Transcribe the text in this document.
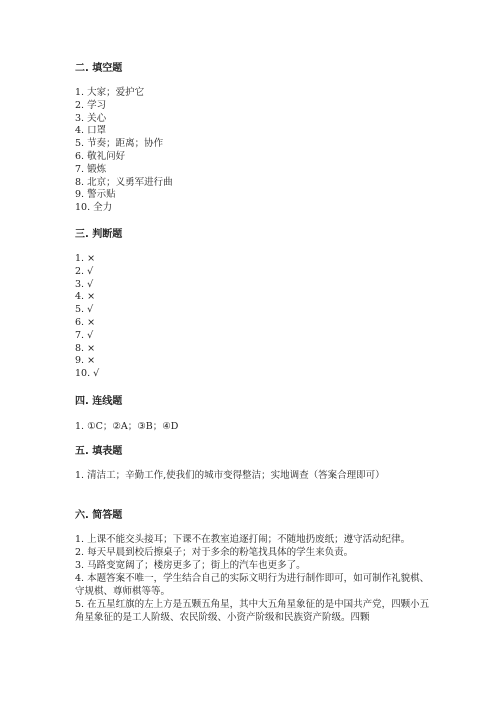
二. 填空题
1. 大家；爱护它
2. 学习
3. 关心
4. 口罩
5. 节奏；距离；协作
6. 敬礼问好
7. 锻炼
8. 北京；义勇军进行曲
9. 警示贴
10. 全力
三. 判断题
1. ×
2. √
3. √
4. ×
5. √
6. ×
7. √
8. ×
9. ×
10. √
四. 连线题
1. ①C；②A；③B；④D
五. 填表题
1. 清洁工；辛勤工作,使我们的城市变得整洁；实地调查（答案合理即可）
六. 简答题
1. 上课不能交头接耳；下课不在教室追逐打闹；不随地扔废纸；遵守活动纪律。
2. 每天早晨到校后擦桌子；对于多余的粉笔找具体的学生来负责。
3. 马路变宽阔了；楼房更多了；街上的汽车也更多了。
4. 本题答案不唯一，学生结合自己的实际文明行为进行制作即可，如可制作礼貌棋、守规棋、尊师棋等等。
5. 在五星红旗的左上方是五颗五角星，其中大五角星象征的是中国共产党，四颗小五角星象征的是工人阶级、农民阶级、小资产阶级和民族资产阶级。四颗
